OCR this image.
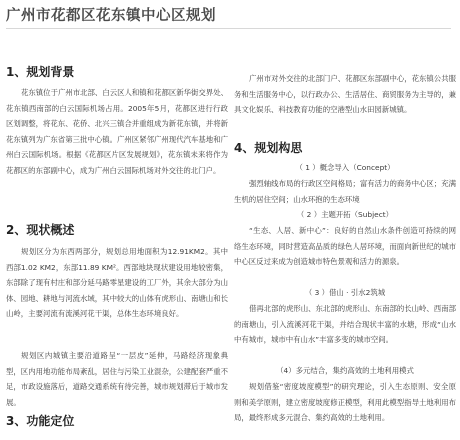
广州市花都区花东镇中心区规划
1、规划背景

花东镇位于广州市北部、白云区人和镇和花都区新华街交界处、花东镇西南部的白云国际机场占用。2005年5月，花都区进行行政区划调整，将花东、花侨、北兴三镇合并重组成为新花东镇，并将新花东镇列为广东省第三批中心镇。广州区紧邻广州现代汽车基地和广州白云国际机场。根据《花都区片区发展规划》，花东镇未来将作为花都区的东部副中心，成为广州白云国际机场对外交往的北门户。

2、现状概述

规划区分为东西两部分，规划总用地面积为12.91KM2。其中西部1.02 KM2，东部11.89 KM²。西部地块现状建设用地较密集，东部除了现有村庄和部分延马路零星建设的工厂外，其余大部分为山体、园地、耕地与河流水域，其中较大的山体有虎形山、南塘山和长山岭，主要河流有流溪河花干渠，总体生态环境良好。

规划区内城镇主要沿道路呈“一层皮”延伸，马路经济现象典型，区内用地功能布局紊乱，居住与污染工业混杂，公建配套严重不足，市政设施落后，道路交通系统有待完善，城市规划滞后于城市发展。

3、功能定位

广州市对外交往的北部门户、花都区东部副中心，花东镇公共服务和生活服务中心，以行政办公、生活居住、商贸服务为主导的，兼具文化娱乐、科技教育功能的空港型山水田园新城镇。

4、规划构思

（ 1 ）概念导入（Concept）

强烈轴线布局的行政区空间格局；富有活力的商务中心区；充满生机的居住空间；山水环抱的生态环境

（ 2 ）主题开拓（Subject）

“生态、人居、新中心”：良好的自然山水条件创造可持续的网络生态环境，同时营造高品质的绿色人居环境，而面向新世纪的城市中心区反过来成为创造城市特色景观和活力的源泉。

（ 3 ）借山 · 引水2筑城

借再北部的虎形山、东北部的虎形山、东南部的长山岭、西南部的南塘山，引入流溪河花干渠，并结合现状丰富的水塘，形成“山水中有城市，城市中有山水”丰富多变的城市空间。

（4）多元结合，集约高效的土地利用模式

规划借鉴“密度坡度模型”的研究理论，引入生态原则、安全原则和美学原则，建立密度坡度修正模型，利用此模型指导土地利用布局，最终形成多元混合、集约高效的土地利用。
